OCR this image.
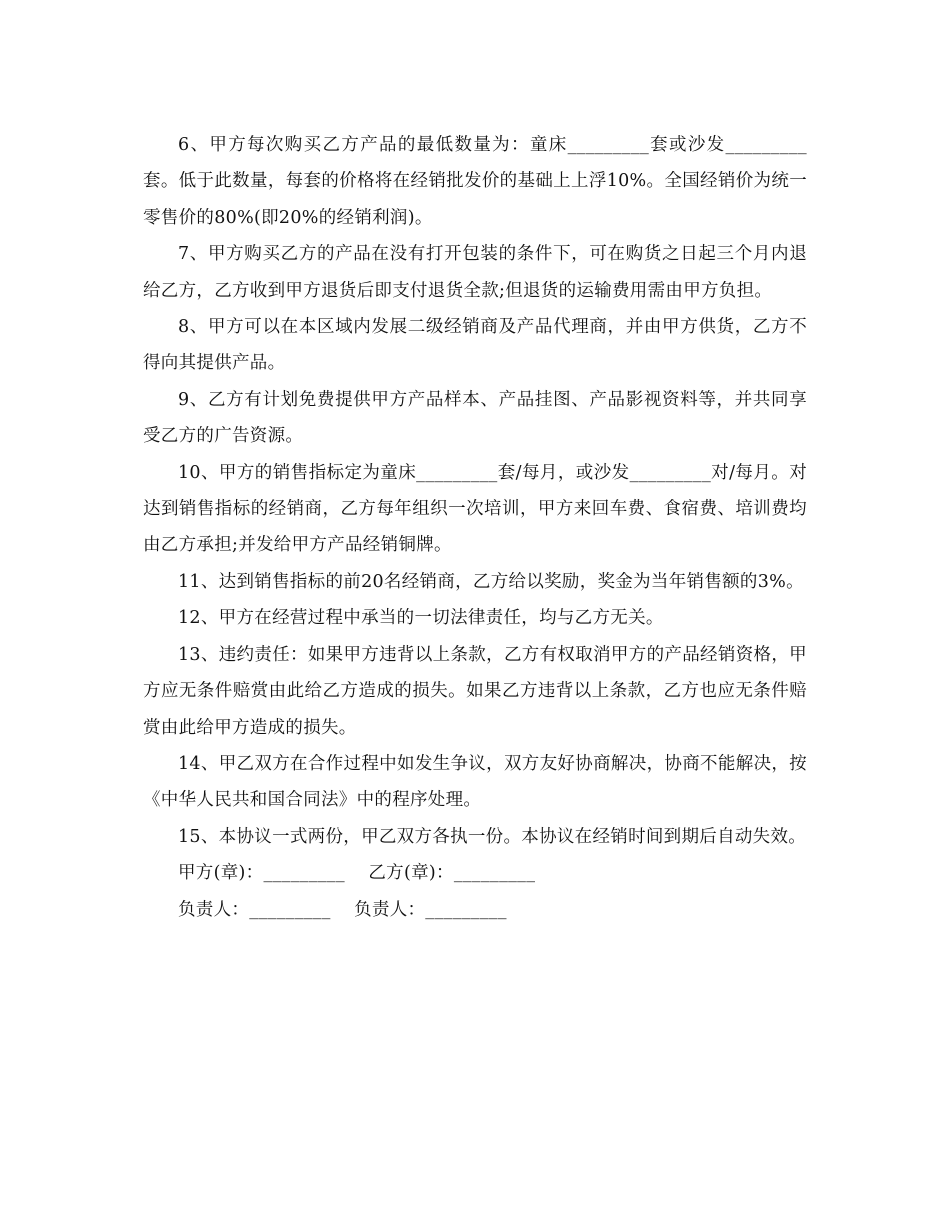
6、甲方每次购买乙方产品的最低数量为：童床_________套或沙发_________套。低于此数量，每套的价格将在经销批发价的基础上上浮10%。全国经销价为统一零售价的80%(即20%的经销利润)。

7、甲方购买乙方的产品在没有打开包装的条件下，可在购货之日起三个月内退给乙方，乙方收到甲方退货后即支付退货全款;但退货的运输费用需由甲方负担。

8、甲方可以在本区域内发展二级经销商及产品代理商，并由甲方供货，乙方不得向其提供产品。

9、乙方有计划免费提供甲方产品样本、产品挂图、产品影视资料等，并共同享受乙方的广告资源。

10、甲方的销售指标定为童床_________套/每月，或沙发_________对/每月。对达到销售指标的经销商，乙方每年组织一次培训，甲方来回车费、食宿费、培训费均由乙方承担;并发给甲方产品经销铜牌。

11、达到销售指标的前20名经销商，乙方给以奖励，奖金为当年销售额的3%。

12、甲方在经营过程中承当的一切法律责任，均与乙方无关。

13、违约责任：如果甲方违背以上条款，乙方有权取消甲方的产品经销资格，甲方应无条件赔赏由此给乙方造成的损失。如果乙方违背以上条款，乙方也应无条件赔赏由此给甲方造成的损失。

14、甲乙双方在合作过程中如发生争议，双方友好协商解决，协商不能解决，按《中华人民共和国合同法》中的程序处理。

15、本协议一式两份，甲乙双方各执一份。本协议在经销时间到期后自动失效。

甲方(章)：_________ 乙方(章)：_________
负责人：_________ 负责人：_________
